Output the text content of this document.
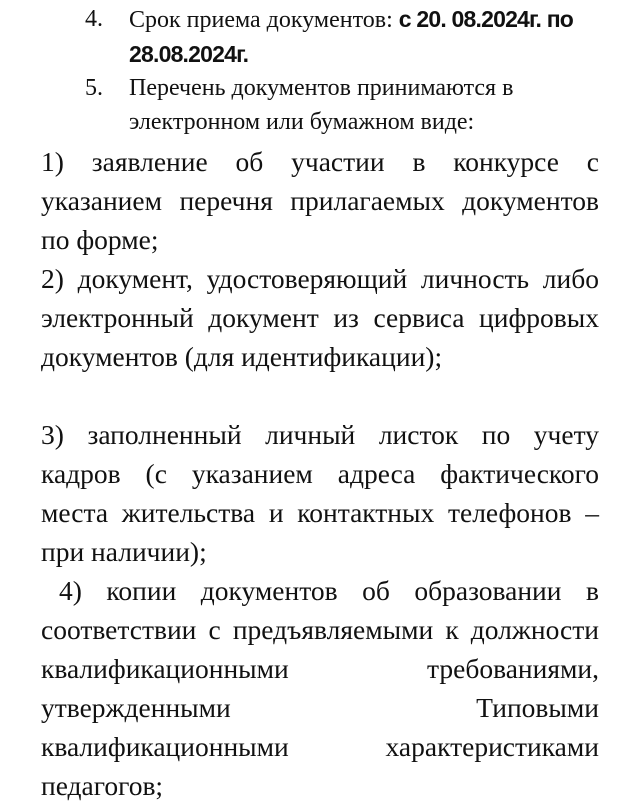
4. Срок приема документов: с 20. 08.2024г. по 28.08.2024г.
5. Перечень документов принимаются в электронном или бумажном виде:
1) заявление об участии в конкурсе с указанием перечня прилагаемых документов по форме;
2) документ, удостоверяющий личность либо электронный документ из сервиса цифровых документов (для идентификации);
3) заполненный личный листок по учету кадров (с указанием адреса фактического места жительства и контактных телефонов – при наличии);
4) копии документов об образовании в соответствии с предъявляемыми к должности квалификационными требованиями, утвержденными Типовыми квалификационными характеристиками педагогов;
